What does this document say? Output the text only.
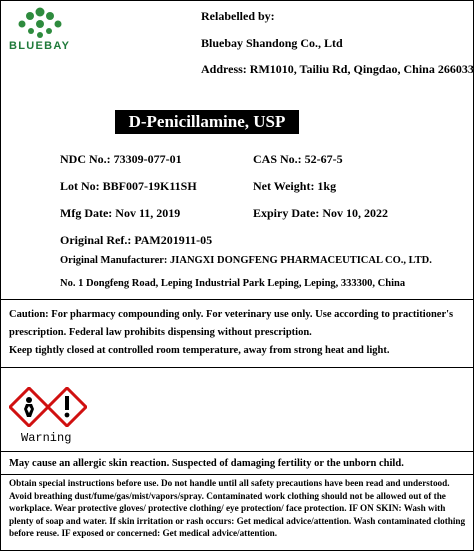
BLUEBAY
Relabelled by:
Bluebay Shandong Co., Ltd
Address: RM1010, Tailiu Rd, Qingdao, China 266033
D-Penicillamine, USP
NDC No.: 73309-077-01	CAS No.: 52-67-5
Lot No: BBF007-19K11SH	Net Weight: 1kg
Mfg Date: Nov 11, 2019	Expiry Date: Nov 10, 2022
Original Ref.: PAM201911-05
Original Manufacturer: JIANGXI DONGFENG PHARMACEUTICAL CO., LTD.
No. 1 Dongfeng Road, Leping Industrial Park Leping, Leping, 333300, China
Caution: For pharmacy compounding only. For veterinary use only. Use according to practitioner's
prescription. Federal law prohibits dispensing without prescription.
Keep tightly closed at controlled room temperature, away from strong heat and light.
Warning
May cause an allergic skin reaction. Suspected of damaging fertility or the unborn child.
Obtain special instructions before use. Do not handle until all safety precautions have been read and understood. Avoid breathing dust/fume/gas/mist/vapors/spray. Contaminated work clothing should not be allowed out of the workplace. Wear protective gloves/ protective clothing/ eye protection/ face protection. IF ON SKIN: Wash with plenty of soap and water. If skin irritation or rash occurs: Get medical advice/attention. Wash contaminated clothing before reuse. IF exposed or concerned: Get medical advice/attention.
